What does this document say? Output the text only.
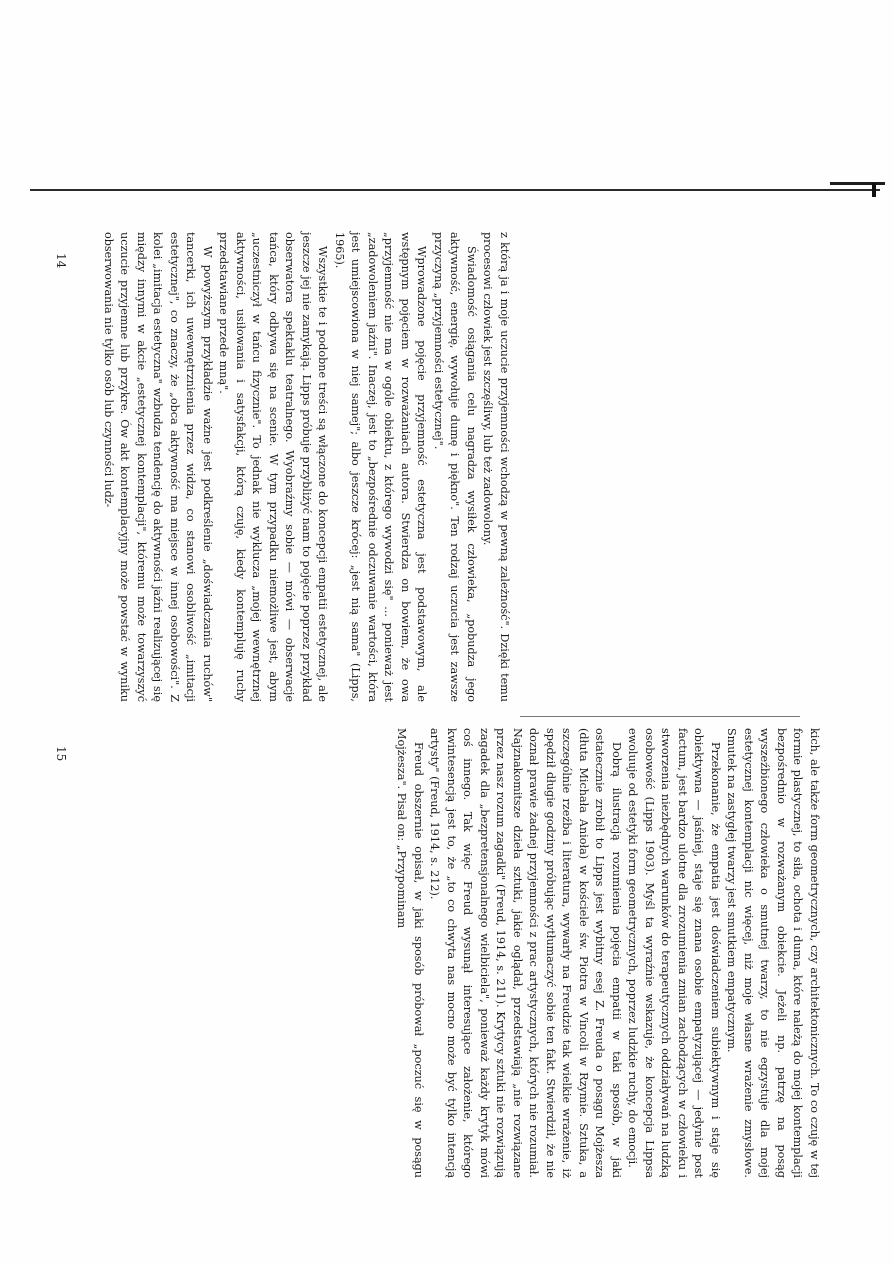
z którą ja i moje uczucie przyjemności wchodzą w pewną zależność". Dzięki temu procesowi człowiek jest szczęśliwy, lub też zadowolony.

Świadomość osiągania celu nagradza wysiłek człowieka, „pobudza jego aktywność, energię, wywołuje dumę i piękno". Ten rodzaj uczucia jest zawsze przyczyną „przyjemności estetycznej".

Wprowadzone pojęcie przyjemność estetyczna jest podstawowym, ale wstępnym pojęciem w rozważaniach autora. Stwierdza on bowiem, że owa „przyjemność nie ma w ogóle obiektu, z którego wywodzi się" ... ponieważ jest „zadowoleniem jaźni". Inaczej, jest to „bezpośrednie odczuwanie wartości, która jest umiejscowiona w niej samej"; albo jeszcze krócej: „jest nią sama" (Lipps, 1965).

Wszystkie te i podobne treści są włączone do koncepcji empatii estetycznej, ale jeszcze jej nie zamykają. Lipps próbuje przybliżyć nam to pojęcie poprzez przykład obserwatora spektaklu teatralnego. Wyobraźmy sobie — mówi — obserwacje tańca, który odbywa się na scenie. W tym przypadku niemożliwe jest, abym „uczestniczył w tańcu fizycznie". To jednak nie wyklucza „mojej wewnętrznej aktywności, usiłowania i satysfakcji, którą czuję, kiedy kontempluję ruchy przedstawiane przede mną".

W powyższym przykładzie ważne jest podkreślenie „doświadczania ruchów" tancerki, ich uwewnętrznienia przez widza, co stanowi osobliwość „imitacji estetycznej", co znaczy, że „obca aktywność ma miejsce w innej osobowości". Z kolei „imitacja estetyczna" wzbudza tendencję do aktywności jaźni realizującej się między innymi w akcie „estetycznej kontemplacji", któremu może towarzyszyć uczucie przyjemne lub przykre. Ów akt kontemplacyjny może powstać w wyniku obserwowania nie tylko osób lub czynności ludz-

kich, ale także form geometrycznych, czy architektonicznych. To co czuję w tej formie plastycznej, to siła, ochota i duma, które należą do mojej kontemplacji bezpośrednio w rozważanym obiekcie. Jeżeli np. patrzę na posąg wyszeźbionego człowieka o smutnej twarzy, to nie egzystuje dla mojej estetycznej kontemplacji nic więcej, niż moje własne wrażenie zmysłowe. Smutek na zastygłej twarzy jest smutkiem empatycznym.

Przekonanie, że empatia jest doświadczeniem subiektywnym i staje się obiektywna — jaśniej, staje się znana osobie empatyzującej — jedynie post factum, jest bardzo ulotne dla zrozumienia zmian zachodzących w człowieku i stworzenia niezbędnych warunków do terapeutycznych oddziaływań na ludzką osobowość (Lipps 1903). Myśl ta wyraźnie wskazuje, że koncepcja Lippsa ewoluuje od estetyki form geometrycznych, poprzez ludzkie ruchy, do emocji.

Dobrą ilustracją rozumienia pojęcia empatii w taki sposób, w jaki ostatecznie zrobił to Lipps jest wybitny esej Z. Freuda o posągu Mojżesza (dłuta Michała Anioła) w kościele św. Piotra w Vincoli w Rzymie. Sztuka, a szczególnie rzeźba i literatura, wywarły na Freudzie tak wielkie wrażenie, iż spędził długie godziny próbując wytłumaczyć sobie ten fakt. Stwierdził, że nie doznał prawie żadnej przyjemności z prac artystycznych, których nie rozumiał. Najznakomitsze dzieła sztuki, jakie oglądał, przedstawiają „nie rozwiązane przez nasz rozum zagadki" (Freud, 1914, s. 211). Krytycy sztuki nie rozwiązują zagadek dla „bezpretensjonalnego wielbiciela", ponieważ każdy krytyk mówi coś innego. Tak więc Freud wysunął interesujące założenie, którego kwintesencją jest to, że „to co chwyta nas mocno może być tylko intencją artysty" (Freud, 1914, s. 212).

Freud obszernie opisał, w jaki sposób próbował „poczuć się w posągu Mojżesza". Pisał on: „Przypominam

14
15
